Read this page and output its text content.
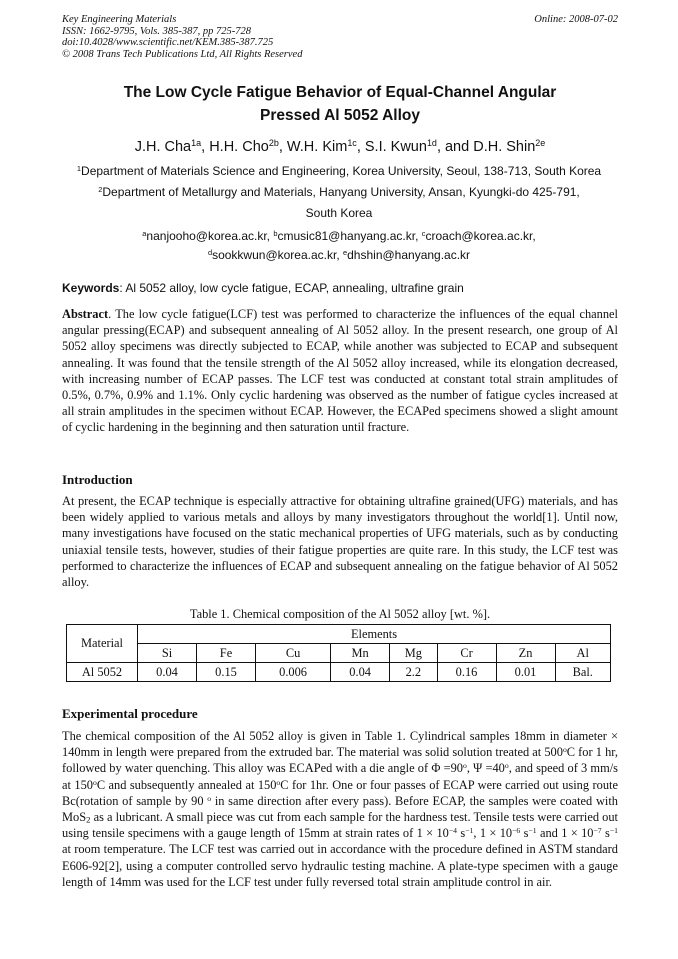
Key Engineering Materials
ISSN: 1662-9795, Vols. 385-387, pp 725-728
doi:10.4028/www.scientific.net/KEM.385-387.725
© 2008 Trans Tech Publications Ltd, All Rights Reserved
Online: 2008-07-02
The Low Cycle Fatigue Behavior of Equal-Channel Angular
Pressed Al 5052 Alloy
J.H. Cha$^{1a}$, H.H. Cho$^{2b}$, W.H. Kim$^{1c}$, S.I. Kwun$^{1d}$, and D.H. Shin$^{2e}$
$^1$Department of Materials Science and Engineering, Korea University, Seoul, 138-713, South Korea
$^2$Department of Metallurgy and Materials, Hanyang University, Ansan, Kyungki-do 425-791,
South Korea
$^a$nanjooho@korea.ac.kr, $^b$cmusic81@hanyang.ac.kr, $^c$croach@korea.ac.kr,
$^d$sookkwun@korea.ac.kr, $^e$dhshin@hanyang.ac.kr
Keywords: Al 5052 alloy, low cycle fatigue, ECAP, annealing, ultrafine grain
Abstract. The low cycle fatigue(LCF) test was performed to characterize the influences of the equal channel angular pressing(ECAP) and subsequent annealing of Al 5052 alloy. In the present research, one group of Al 5052 alloy specimens was directly subjected to ECAP, while another was subjected to ECAP and subsequent annealing. It was found that the tensile strength of the Al 5052 alloy increased, while its elongation decreased, with increasing number of ECAP passes. The LCF test was conducted at constant total strain amplitudes of 0.5%, 0.7%, 0.9% and 1.1%. Only cyclic hardening was observed as the number of fatigue cycles increased at all strain amplitudes in the specimen without ECAP. However, the ECAPed specimens showed a slight amount of cyclic hardening in the beginning and then saturation until fracture.
Introduction
At present, the ECAP technique is especially attractive for obtaining ultrafine grained(UFG) materials, and has been widely applied to various metals and alloys by many investigators throughout the world[1]. Until now, many investigations have focused on the static mechanical properties of UFG materials, such as by conducting uniaxial tensile tests, however, studies of their fatigue properties are quite rare. In this study, the LCF test was performed to characterize the influences of ECAP and subsequent annealing on the fatigue behavior of Al 5052 alloy.
Table 1. Chemical composition of the Al 5052 alloy [wt. %].
Material	Elements							
	Si	Fe	Cu	Mn	Mg	Cr	Zn	Al
Al 5052	0.04	0.15	0.006	0.04	2.2	0.16	0.01	Bal.
Experimental procedure
The chemical composition of the Al 5052 alloy is given in Table 1. Cylindrical samples 18mm in diameter × 140mm in length were prepared from the extruded bar. The material was solid solution treated at 500$^o$C for 1 hr, followed by water quenching. This alloy was ECAPed with a die angle of $\Phi =90^o$, $\Psi =40^o$, and speed of 3 mm/s at 150$^o$C and subsequently annealed at 150$^o$C for 1hr. One or four passes of ECAP were carried out using route Bc(rotation of sample by 90 $^o$ in same direction after every pass). Before ECAP, the samples were coated with MoS$_2$ as a lubricant. A small piece was cut from each sample for the hardness test. Tensile tests were carried out using tensile specimens with a gauge length of 15mm at strain rates of $1 \times 10^{-4}$ $s^{-1}$, $1 \times 10^{-6}$ $s^{-1}$ and $1 \times 10^{-7}$ $s^{-1}$ at room temperature. The LCF test was carried out in accordance with the procedure defined in ASTM standard E606-92[2], using a computer controlled servo hydraulic testing machine. A plate-type specimen with a gauge length of 14mm was used for the LCF test under fully reversed total strain amplitude control in air.
